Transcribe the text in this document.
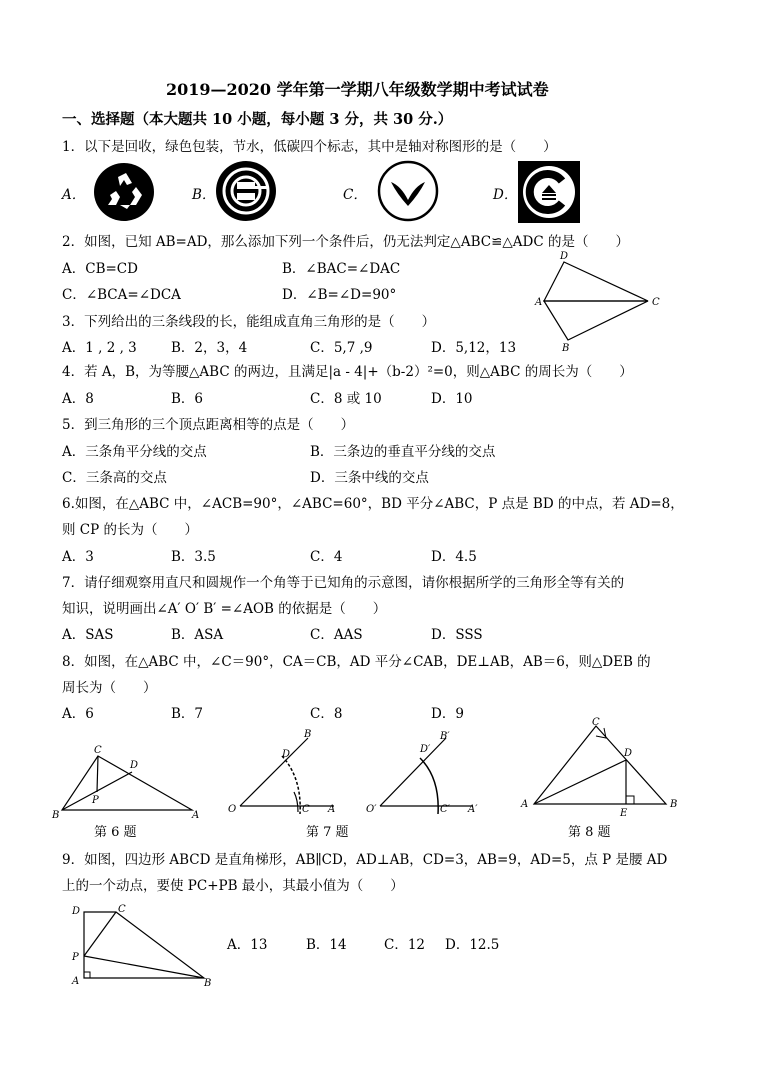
2019—2020 学年第一学期八年级数学期中考试试卷
一、选择题（本大题共 10 小题，每小题 3 分，共 30 分.）
1．以下是回收，绿色包装，节水，低碳四个标志，其中是轴对称图形的是（　　）
A．	B．	C．	D．
2．如图，已知 AB=AD，那么添加下列一个条件后，仍无法判定△ABC≌△ADC 的是（　　）
A．CB=CD	B．∠BAC=∠DAC
C．∠BCA=∠DCA	D．∠B=∠D=90°
D
A	C
B
3．下列给出的三条线段的长，能组成直角三角形的是（　　）
A．1 , 2 , 3	B．2，3，4	C．5,7 ,9	D．5,12，13
4．若 A，B，为等腰△ABC 的两边，且满足|a - 4|+（b-2）²=0，则△ABC 的周长为（　　）
A．8	B．6	C．8 或 10	D．10
5．到三角形的三个顶点距离相等的点是（　　）
A．三条角平分线的交点	B．三条边的垂直平分线的交点
C．三条高的交点	D．三条中线的交点
6.如图，在△ABC 中，∠ACB=90°，∠ABC=60°，BD 平分∠ABC，P 点是 BD 的中点，若 AD=8，
则 CP 的长为（　　）
A．3	B．3.5	C．4	D．4.5
7．请仔细观察用直尺和圆规作一个角等于已知角的示意图，请你根据所学的三角形全等有关的
知识，说明画出∠A′ O′ B′ =∠AOB 的依据是（　　）
A．SAS	B．ASA	C．AAS	D．SSS
8．如图，在△ABC 中，∠C＝90°，CA＝CB，AD 平分∠CAB，DE⊥AB，AB＝6，则△DEB 的
周长为（　　）
A．6	B．7	C．8	D．9
C
D
P
B	A
第 6 题
B
D
O	C A
B′
D′
O′	C′ A′
第 7 题
C
D
A
E
B
第 8 题
9．如图，四边形 ABCD 是直角梯形，AB∥CD，AD⊥AB，CD=3，AB=9，AD=5，点 P 是腰 AD
上的一个动点，要使 PC+PB 最小，其最小值为（　　）
D	C
P
A	B
A．13	B．14	C．12 D．12.5
